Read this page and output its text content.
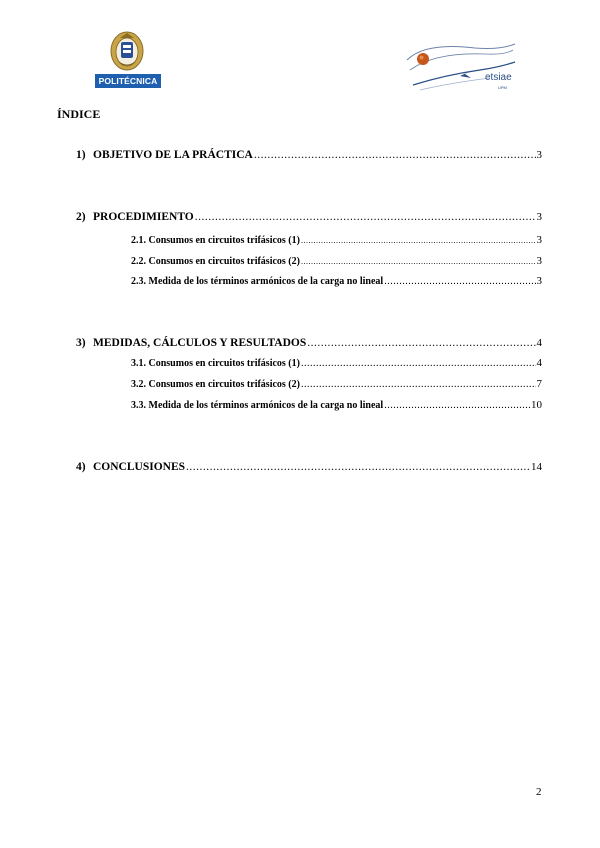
POLITÉCNICA	etsiae
UPM
ÍNDICE
1) OBJETIVO DE LA PRÁCTICA .....	3
2) PROCEDIMIENTO .....	3
2.1. Consumos en circuitos trifásicos (1) .....	3
2.2. Consumos en circuitos trifásicos (2) .....	3
2.3. Medida de los términos armónicos de la carga no lineal .....	3
3) MEDIDAS, CÁLCULOS Y RESULTADOS .....	4
3.1. Consumos en circuitos trifásicos (1) .....	4
3.2. Consumos en circuitos trifásicos (2) .....	7
3.3. Medida de los términos armónicos de la carga no lineal .....	10
4) CONCLUSIONES .....	14
2
